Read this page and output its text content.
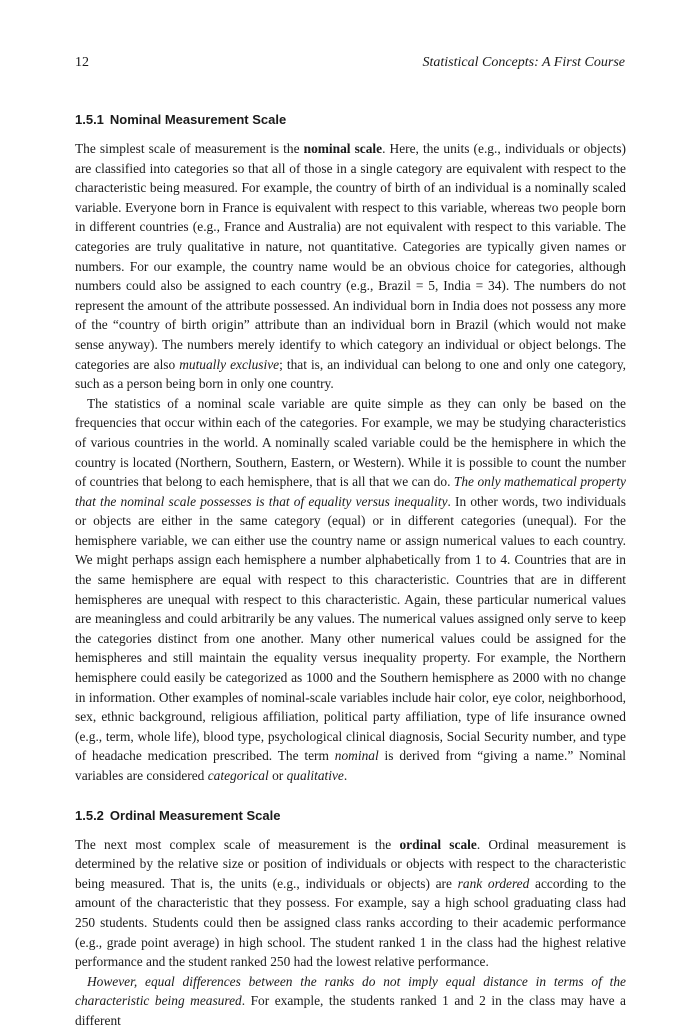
12	Statistical Concepts: A First Course
1.5.1 Nominal Measurement Scale

The simplest scale of measurement is the nominal scale. Here, the units (e.g., individuals or objects) are classified into categories so that all of those in a single category are equivalent with respect to the characteristic being measured. For example, the country of birth of an individual is a nominally scaled variable. Everyone born in France is equivalent with respect to this variable, whereas two people born in different countries (e.g., France and Australia) are not equivalent with respect to this variable. The categories are truly qualitative in nature, not quantitative. Categories are typically given names or numbers. For our example, the country name would be an obvious choice for categories, although numbers could also be assigned to each country (e.g., Brazil = 5, India = 34). The numbers do not represent the amount of the attribute possessed. An individual born in India does not possess any more of the “country of birth origin” attribute than an individual born in Brazil (which would not make sense anyway). The numbers merely identify to which category an individual or object belongs. The categories are also mutually exclusive; that is, an individual can belong to one and only one category, such as a person being born in only one country.

The statistics of a nominal scale variable are quite simple as they can only be based on the frequencies that occur within each of the categories. For example, we may be studying characteristics of various countries in the world. A nominally scaled variable could be the hemisphere in which the country is located (Northern, Southern, Eastern, or Western). While it is possible to count the number of countries that belong to each hemisphere, that is all that we can do. The only mathematical property that the nominal scale possesses is that of equality versus inequality. In other words, two individuals or objects are either in the same category (equal) or in different categories (unequal). For the hemisphere variable, we can either use the country name or assign numerical values to each country. We might perhaps assign each hemisphere a number alphabetically from 1 to 4. Countries that are in the same hemisphere are equal with respect to this characteristic. Countries that are in different hemispheres are unequal with respect to this characteristic. Again, these particular numerical values are meaningless and could arbitrarily be any values. The numerical values assigned only serve to keep the categories distinct from one another. Many other numerical values could be assigned for the hemispheres and still maintain the equality versus inequality property. For example, the Northern hemisphere could easily be categorized as 1000 and the Southern hemisphere as 2000 with no change in information. Other examples of nominal-scale variables include hair color, eye color, neighborhood, sex, ethnic background, religious affiliation, political party affiliation, type of life insurance owned (e.g., term, whole life), blood type, psychological clinical diagnosis, Social Security number, and type of headache medication prescribed. The term nominal is derived from “giving a name.” Nominal variables are considered categorical or qualitative.

1.5.2 Ordinal Measurement Scale

The next most complex scale of measurement is the ordinal scale. Ordinal measurement is determined by the relative size or position of individuals or objects with respect to the characteristic being measured. That is, the units (e.g., individuals or objects) are rank ordered according to the amount of the characteristic that they possess. For example, say a high school graduating class had 250 students. Students could then be assigned class ranks according to their academic performance (e.g., grade point average) in high school. The student ranked 1 in the class had the highest relative performance and the student ranked 250 had the lowest relative performance.

However, equal differences between the ranks do not imply equal distance in terms of the characteristic being measured. For example, the students ranked 1 and 2 in the class may have a different
